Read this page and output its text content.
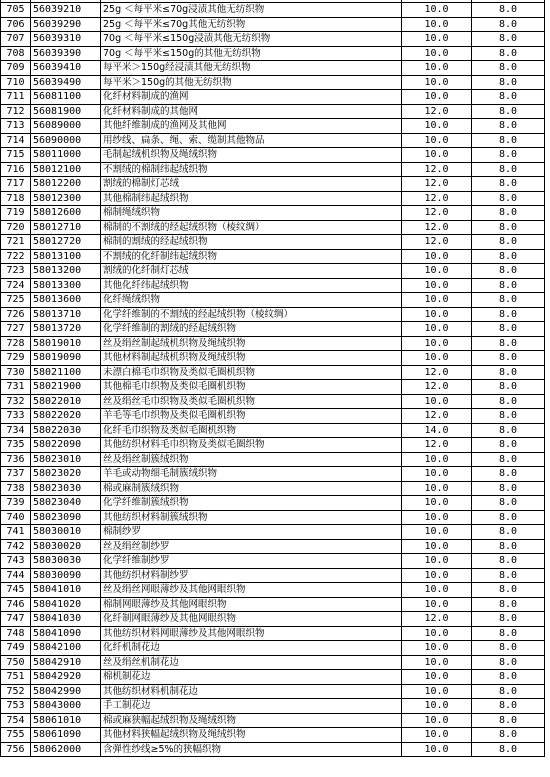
705	56039210	25g ＜每平米≤70g浸渍其他无纺织物	10.0	8.0
706	56039290	25g ＜每平米≤70g其他无纺织物	10.0	8.0
707	56039310	70g ＜每平米≤150g浸渍其他无纺织物	10.0	8.0
708	56039390	70g ＜每平米≤150g的其他无纺织物	10.0	8.0
709	56039410	每平米＞150g经浸渍其他无纺织物	10.0	8.0
710	56039490	每平米＞150g的其他无纺织物	10.0	8.0
711	56081100	化纤材料制成的渔网	10.0	8.0
712	56081900	化纤材料制成的其他网	12.0	8.0
713	56089000	其他纤维制成的渔网及其他网	10.0	8.0
714	56090000	用纱线、扁条、绳、索、缆制其他物品	10.0	8.0
715	58011000	毛制起绒机织物及绳绒织物	10.0	8.0
716	58012100	不割绒的棉制纬起绒织物	12.0	8.0
717	58012200	割绒的棉制灯芯绒	12.0	8.0
718	58012300	其他棉制纬起绒织物	12.0	8.0
719	58012600	棉制绳绒织物	12.0	8.0
720	58012710	棉制的不割绒的经起绒织物（棱纹绸）	12.0	8.0
721	58012720	棉制的割绒的经起绒织物	12.0	8.0
722	58013100	不割绒的化纤制纬起绒织物	10.0	8.0
723	58013200	割绒的化纤制灯芯绒	10.0	8.0
724	58013300	其他化纤纬起绒织物	10.0	8.0
725	58013600	化纤绳绒织物	10.0	8.0
726	58013710	化学纤维制的不割绒的经起绒织物（棱纹绸）	10.0	8.0
727	58013720	化学纤维制的割绒的经起绒织物	10.0	8.0
728	58019010	丝及绢丝制起绒机织物及绳绒织物	10.0	8.0
729	58019090	其他材料制起绒机织物及绳绒织物	10.0	8.0
730	58021100	未漂白棉毛巾织物及类似毛圈机织物	12.0	8.0
731	58021900	其他棉毛巾织物及类似毛圈机织物	12.0	8.0
732	58022010	丝及绢丝毛巾织物及类似毛圈机织物	10.0	8.0
733	58022020	羊毛等毛巾织物及类似毛圈机织物	12.0	8.0
734	58022030	化纤毛巾织物及类似毛圈机织物	14.0	8.0
735	58022090	其他纺织材料毛巾织物及类似毛圈织物	12.0	8.0
736	58023010	丝及绢丝制簇绒织物	10.0	8.0
737	58023020	羊毛或动物细毛制簇绒织物	10.0	8.0
738	58023030	棉或麻制簇绒织物	10.0	8.0
739	58023040	化学纤维制簇绒织物	10.0	8.0
740	58023090	其他纺织材料制簇绒织物	10.0	8.0
741	58030010	棉制纱罗	10.0	8.0
742	58030020	丝及绢丝制纱罗	10.0	8.0
743	58030030	化学纤维制纱罗	10.0	8.0
744	58030090	其他纺织材料制纱罗	10.0	8.0
745	58041010	丝及绢丝网眼薄纱及其他网眼织物	10.0	8.0
746	58041020	棉制网眼薄纱及其他网眼织物	10.0	8.0
747	58041030	化纤制网眼薄纱及其他网眼织物	12.0	8.0
748	58041090	其他纺织材料网眼薄纱及其他网眼织物	10.0	8.0
749	58042100	化纤机制花边	10.0	8.0
750	58042910	丝及绢丝机制花边	10.0	8.0
751	58042920	棉机制花边	10.0	8.0
752	58042990	其他纺织材料机制花边	10.0	8.0
753	58043000	手工制花边	10.0	8.0
754	58061010	棉或麻狭幅起绒织物及绳绒织物	10.0	8.0
755	58061090	其他材料狭幅起绒织物及绳绒织物	10.0	8.0
756	58062000	含弹性纱线≥5%的狭幅织物	10.0	8.0
